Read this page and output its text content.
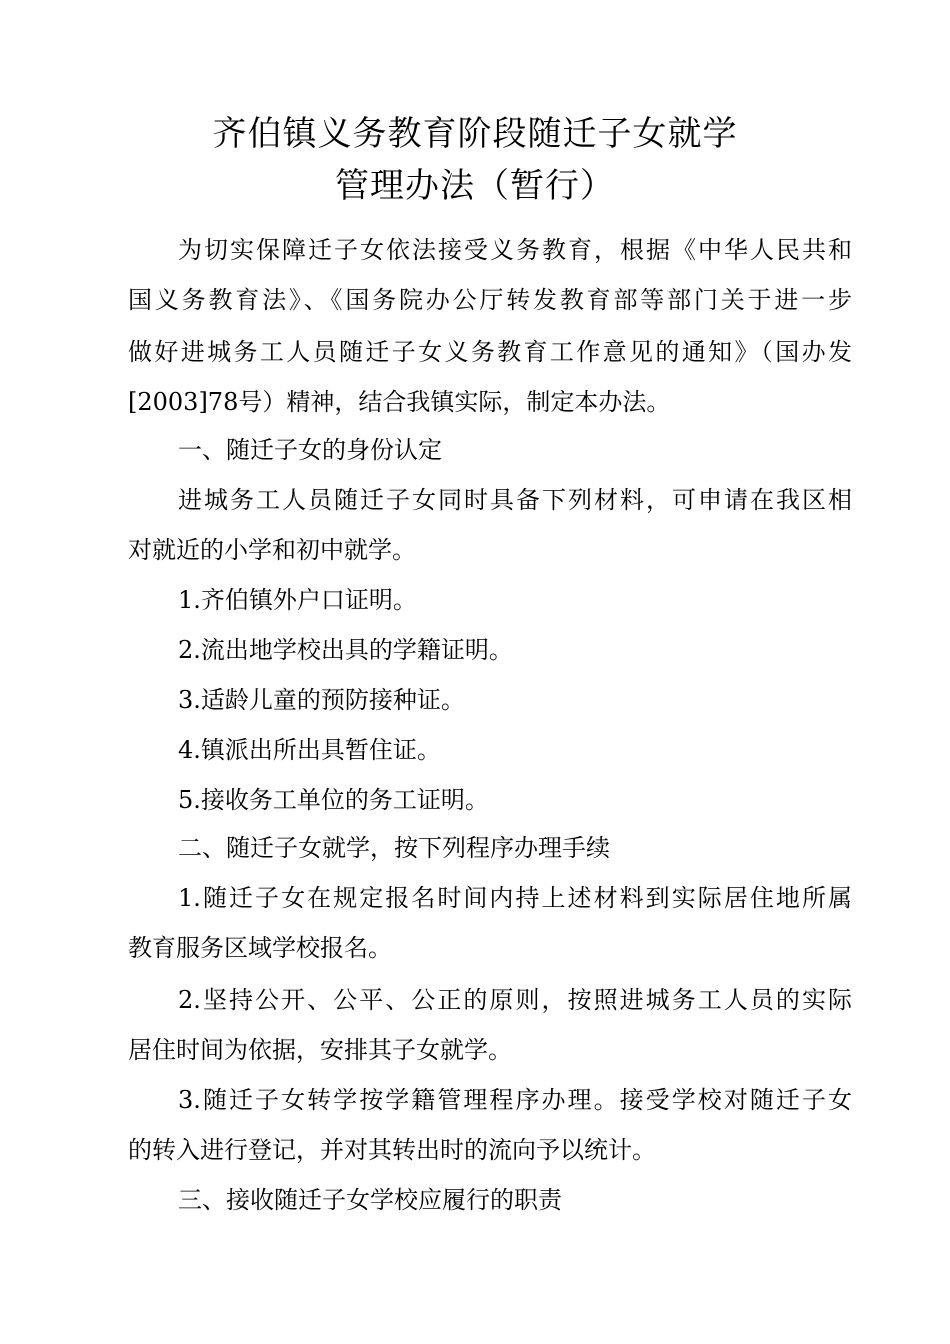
齐伯镇义务教育阶段随迁子女就学
管理办法（暂行）
为切实保障迁子女依法接受义务教育，根据《中华人民共和
国义务教育法》、《国务院办公厅转发教育部等部门关于进一步
做好进城务工人员随迁子女义务教育工作意见的通知》（国办发
[2003]78号）精神，结合我镇实际，制定本办法。
一、随迁子女的身份认定
进城务工人员随迁子女同时具备下列材料，可申请在我区相
对就近的小学和初中就学。
1.齐伯镇外户口证明。
2.流出地学校出具的学籍证明。
3.适龄儿童的预防接种证。
4.镇派出所出具暂住证。
5.接收务工单位的务工证明。
二、随迁子女就学，按下列程序办理手续
1.随迁子女在规定报名时间内持上述材料到实际居住地所属
教育服务区域学校报名。
2.坚持公开、公平、公正的原则，按照进城务工人员的实际
居住时间为依据，安排其子女就学。
3.随迁子女转学按学籍管理程序办理。接受学校对随迁子女
的转入进行登记，并对其转出时的流向予以统计。
三、接收随迁子女学校应履行的职责
